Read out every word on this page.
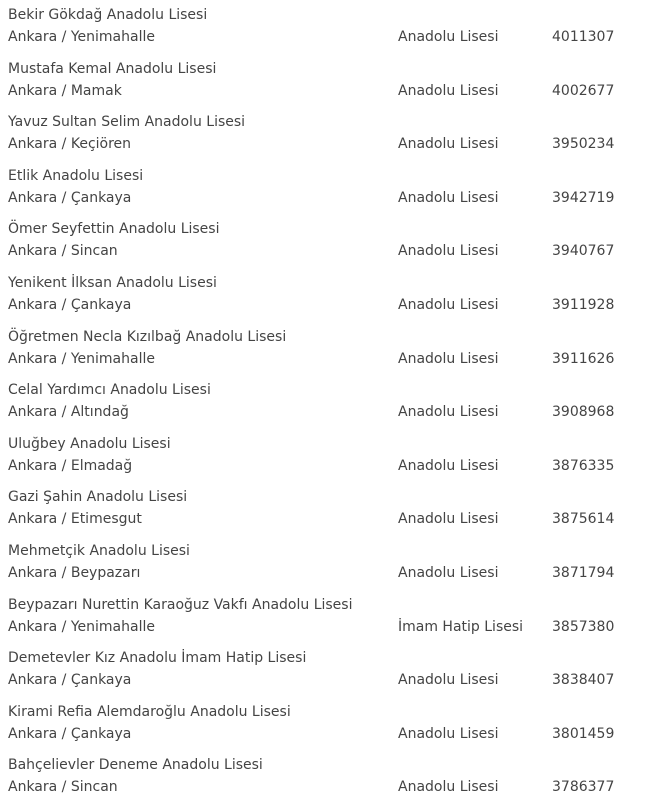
Bekir Gökdağ Anadolu Lisesi
Ankara / Yenimahalle	Anadolu Lisesi	4011307
Mustafa Kemal Anadolu Lisesi
Ankara / Mamak	Anadolu Lisesi	4002677
Yavuz Sultan Selim Anadolu Lisesi
Ankara / Keçiören	Anadolu Lisesi	3950234
Etlik Anadolu Lisesi
Ankara / Çankaya	Anadolu Lisesi	3942719
Ömer Seyfettin Anadolu Lisesi
Ankara / Sincan	Anadolu Lisesi	3940767
Yenikent İlksan Anadolu Lisesi
Ankara / Çankaya	Anadolu Lisesi	3911928
Öğretmen Necla Kızılbağ Anadolu Lisesi
Ankara / Yenimahalle	Anadolu Lisesi	3911626
Celal Yardımcı Anadolu Lisesi
Ankara / Altındağ	Anadolu Lisesi	3908968
Uluğbey Anadolu Lisesi
Ankara / Elmadağ	Anadolu Lisesi	3876335
Gazi Şahin Anadolu Lisesi
Ankara / Etimesgut	Anadolu Lisesi	3875614
Mehmetçik Anadolu Lisesi
Ankara / Beypazarı	Anadolu Lisesi	3871794
Beypazarı Nurettin Karaoğuz Vakfı Anadolu Lisesi
Ankara / Yenimahalle	İmam Hatip Lisesi 3857380
Demetevler Kız Anadolu İmam Hatip Lisesi
Ankara / Çankaya	Anadolu Lisesi	3838407
Kirami Refia Alemdaroğlu Anadolu Lisesi
Ankara / Çankaya	Anadolu Lisesi	3801459
Bahçelievler Deneme Anadolu Lisesi
Ankara / Sincan	Anadolu Lisesi	3786377
